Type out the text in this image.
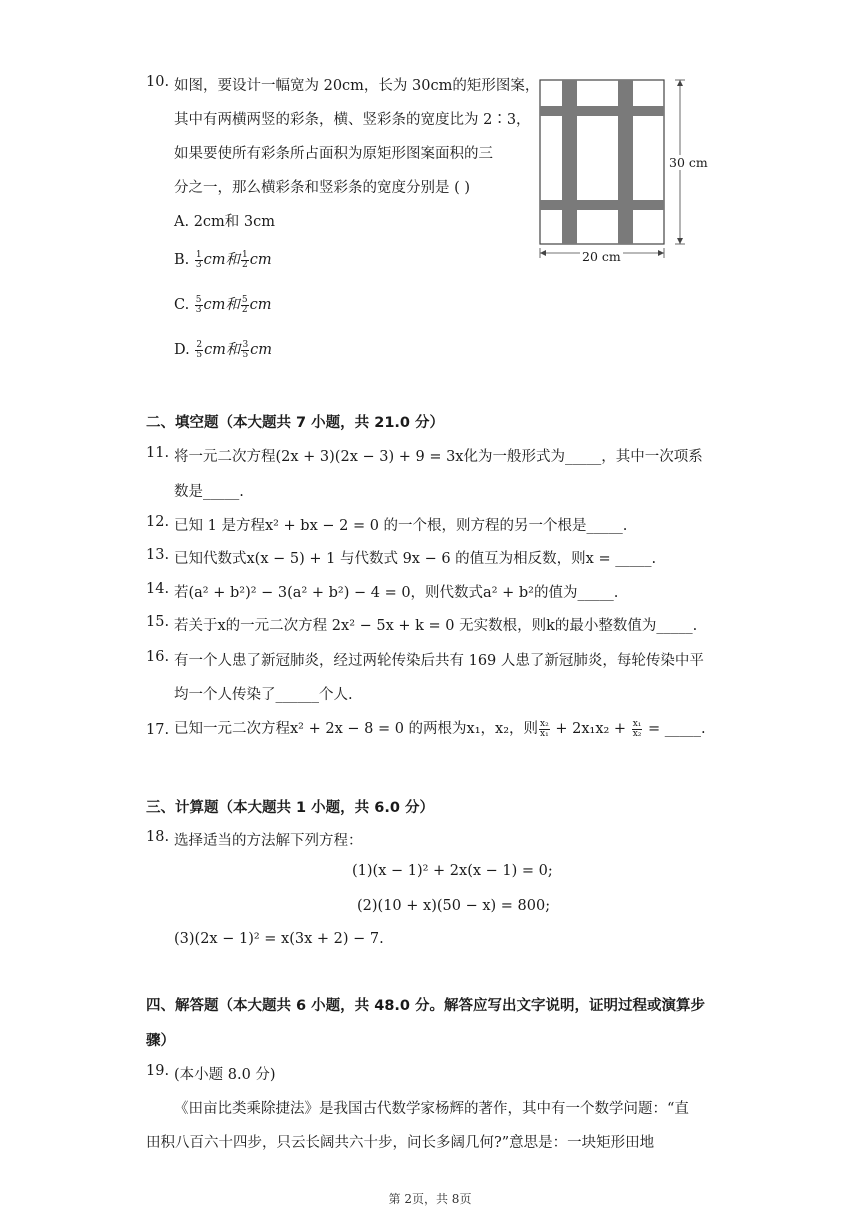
10. 如图，要设计一幅宽为 20cm，长为 30cm的矩形图案，
其中有两横两竖的彩条，横、竖彩条的宽度比为 2∶3，
如果要使所有彩条所占面积为原矩形图案面积的三
分之一，那么横彩条和竖彩条的宽度分别是 ( )
A. 2cm和 3cm
B. $\frac{1}{3}$ cm和 $\frac{1}{2}$ cm
C. $\frac{5}{3}$ cm和 $\frac{5}{2}$ cm
D. $\frac{2}{5}$ cm和 $\frac{3}{5}$ cm
30 cm
20 cm
二、填空题（本大题共 7 小题，共 21.0 分）
11. 将一元二次方程(2x + 3)(2x − 3) + 9 = 3x化为一般形式为_____，其中一次项系
数是_____.
12. 已知 1 是方程x² + bx − 2 = 0 的一个根，则方程的另一个根是_____.
13. 已知代数式x(x − 5) + 1 与代数式 9x − 6 的值互为相反数，则x = _____.
14. 若(a² + b²)² − 3(a² + b²) − 4 = 0，则代数式a² + b²的值为_____.
15. 若关于x的一元二次方程 2x² − 5x + k = 0 无实数根，则k的最小整数值为_____.
16. 有一个人患了新冠肺炎，经过两轮传染后共有 169 人患了新冠肺炎，每轮传染中平
均一个人传染了______个人.
17. 已知一元二次方程x² + 2x − 8 = 0 的两根为x₁，x₂，则 $\frac{\text{x₂}}{\text{x₁}} + 2x_1x_2 + \frac{\text{x₁}}{\text{x₂}}$ = _____.
三、计算题（本大题共 1 小题，共 6.0 分）
18. 选择适当的方法解下列方程：
(1)(x − 1)² + 2x(x − 1) = 0;
(2)(10 + x)(50 − x) = 800;
(3)(2x − 1)² = x(3x + 2) − 7.
四、解答题（本大题共 6 小题，共 48.0 分。解答应写出文字说明，证明过程或演算步
骤）
19. (本小题 8.0 分)
《田亩比类乘除捷法》是我国古代数学家杨辉的著作，其中有一个数学问题：“直
田积八百六十四步，只云长阔共六十步，问长多阔几何?”意思是：一块矩形田地
第 2页，共 8页
